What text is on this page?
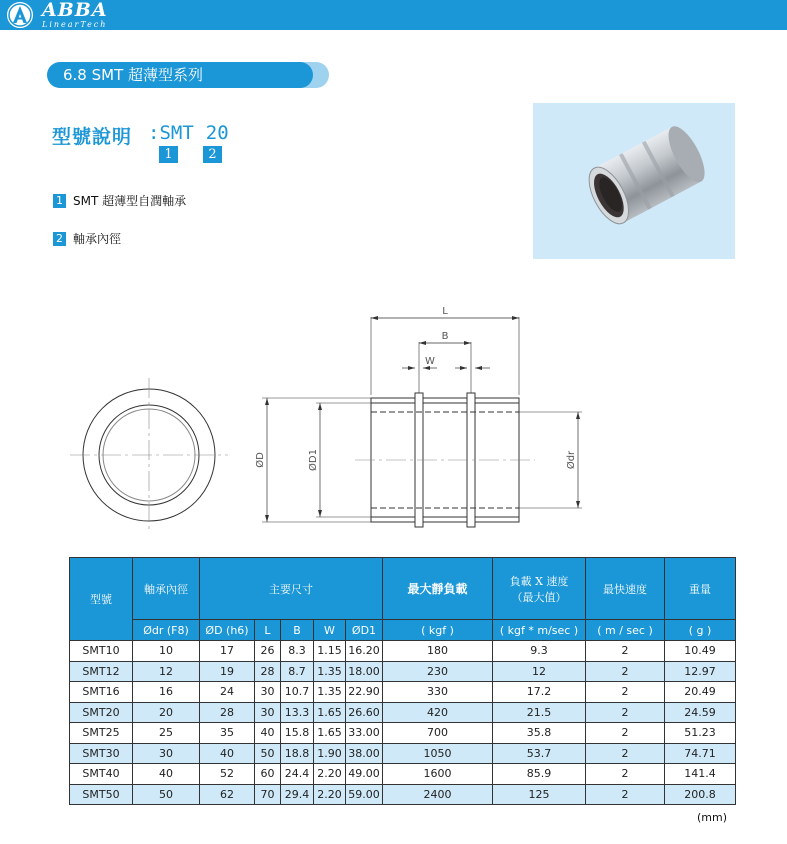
ABBA
LinearTech
6.8 SMT 超薄型系列
型號說明 :SMT 20
1	2
1 SMT 超薄型自潤軸承
2 軸承內徑
L
B
W
ØD	ØD1	Ødr
型號	軸承內徑	主要尺寸					最大靜負載	負載 X 速度
（最大值）	最快速度	重量
	Ødr (F8)	ØD (h6)	L	B	W	ØD1	( kgf )	( kgf * m/sec )	( m / sec )	( g )
SMT10	10	17	26	8.3	1.15	16.20	180	9.3	2	10.49
SMT12	12	19	28	8.7	1.35	18.00	230	12	2	12.97
SMT16	16	24	30	10.7	1.35	22.90	330	17.2	2	20.49
SMT20	20	28	30	13.3	1.65	26.60	420	21.5	2	24.59
SMT25	25	35	40	15.8	1.65	33.00	700	35.8	2	51.23
SMT30	30	40	50	18.8	1.90	38.00	1050	53.7	2	74.71
SMT40	40	52	60	24.4	2.20	49.00	1600	85.9	2	141.4
SMT50	50	62	70	29.4	2.20	59.00	2400	125	2	200.8
(mm)
